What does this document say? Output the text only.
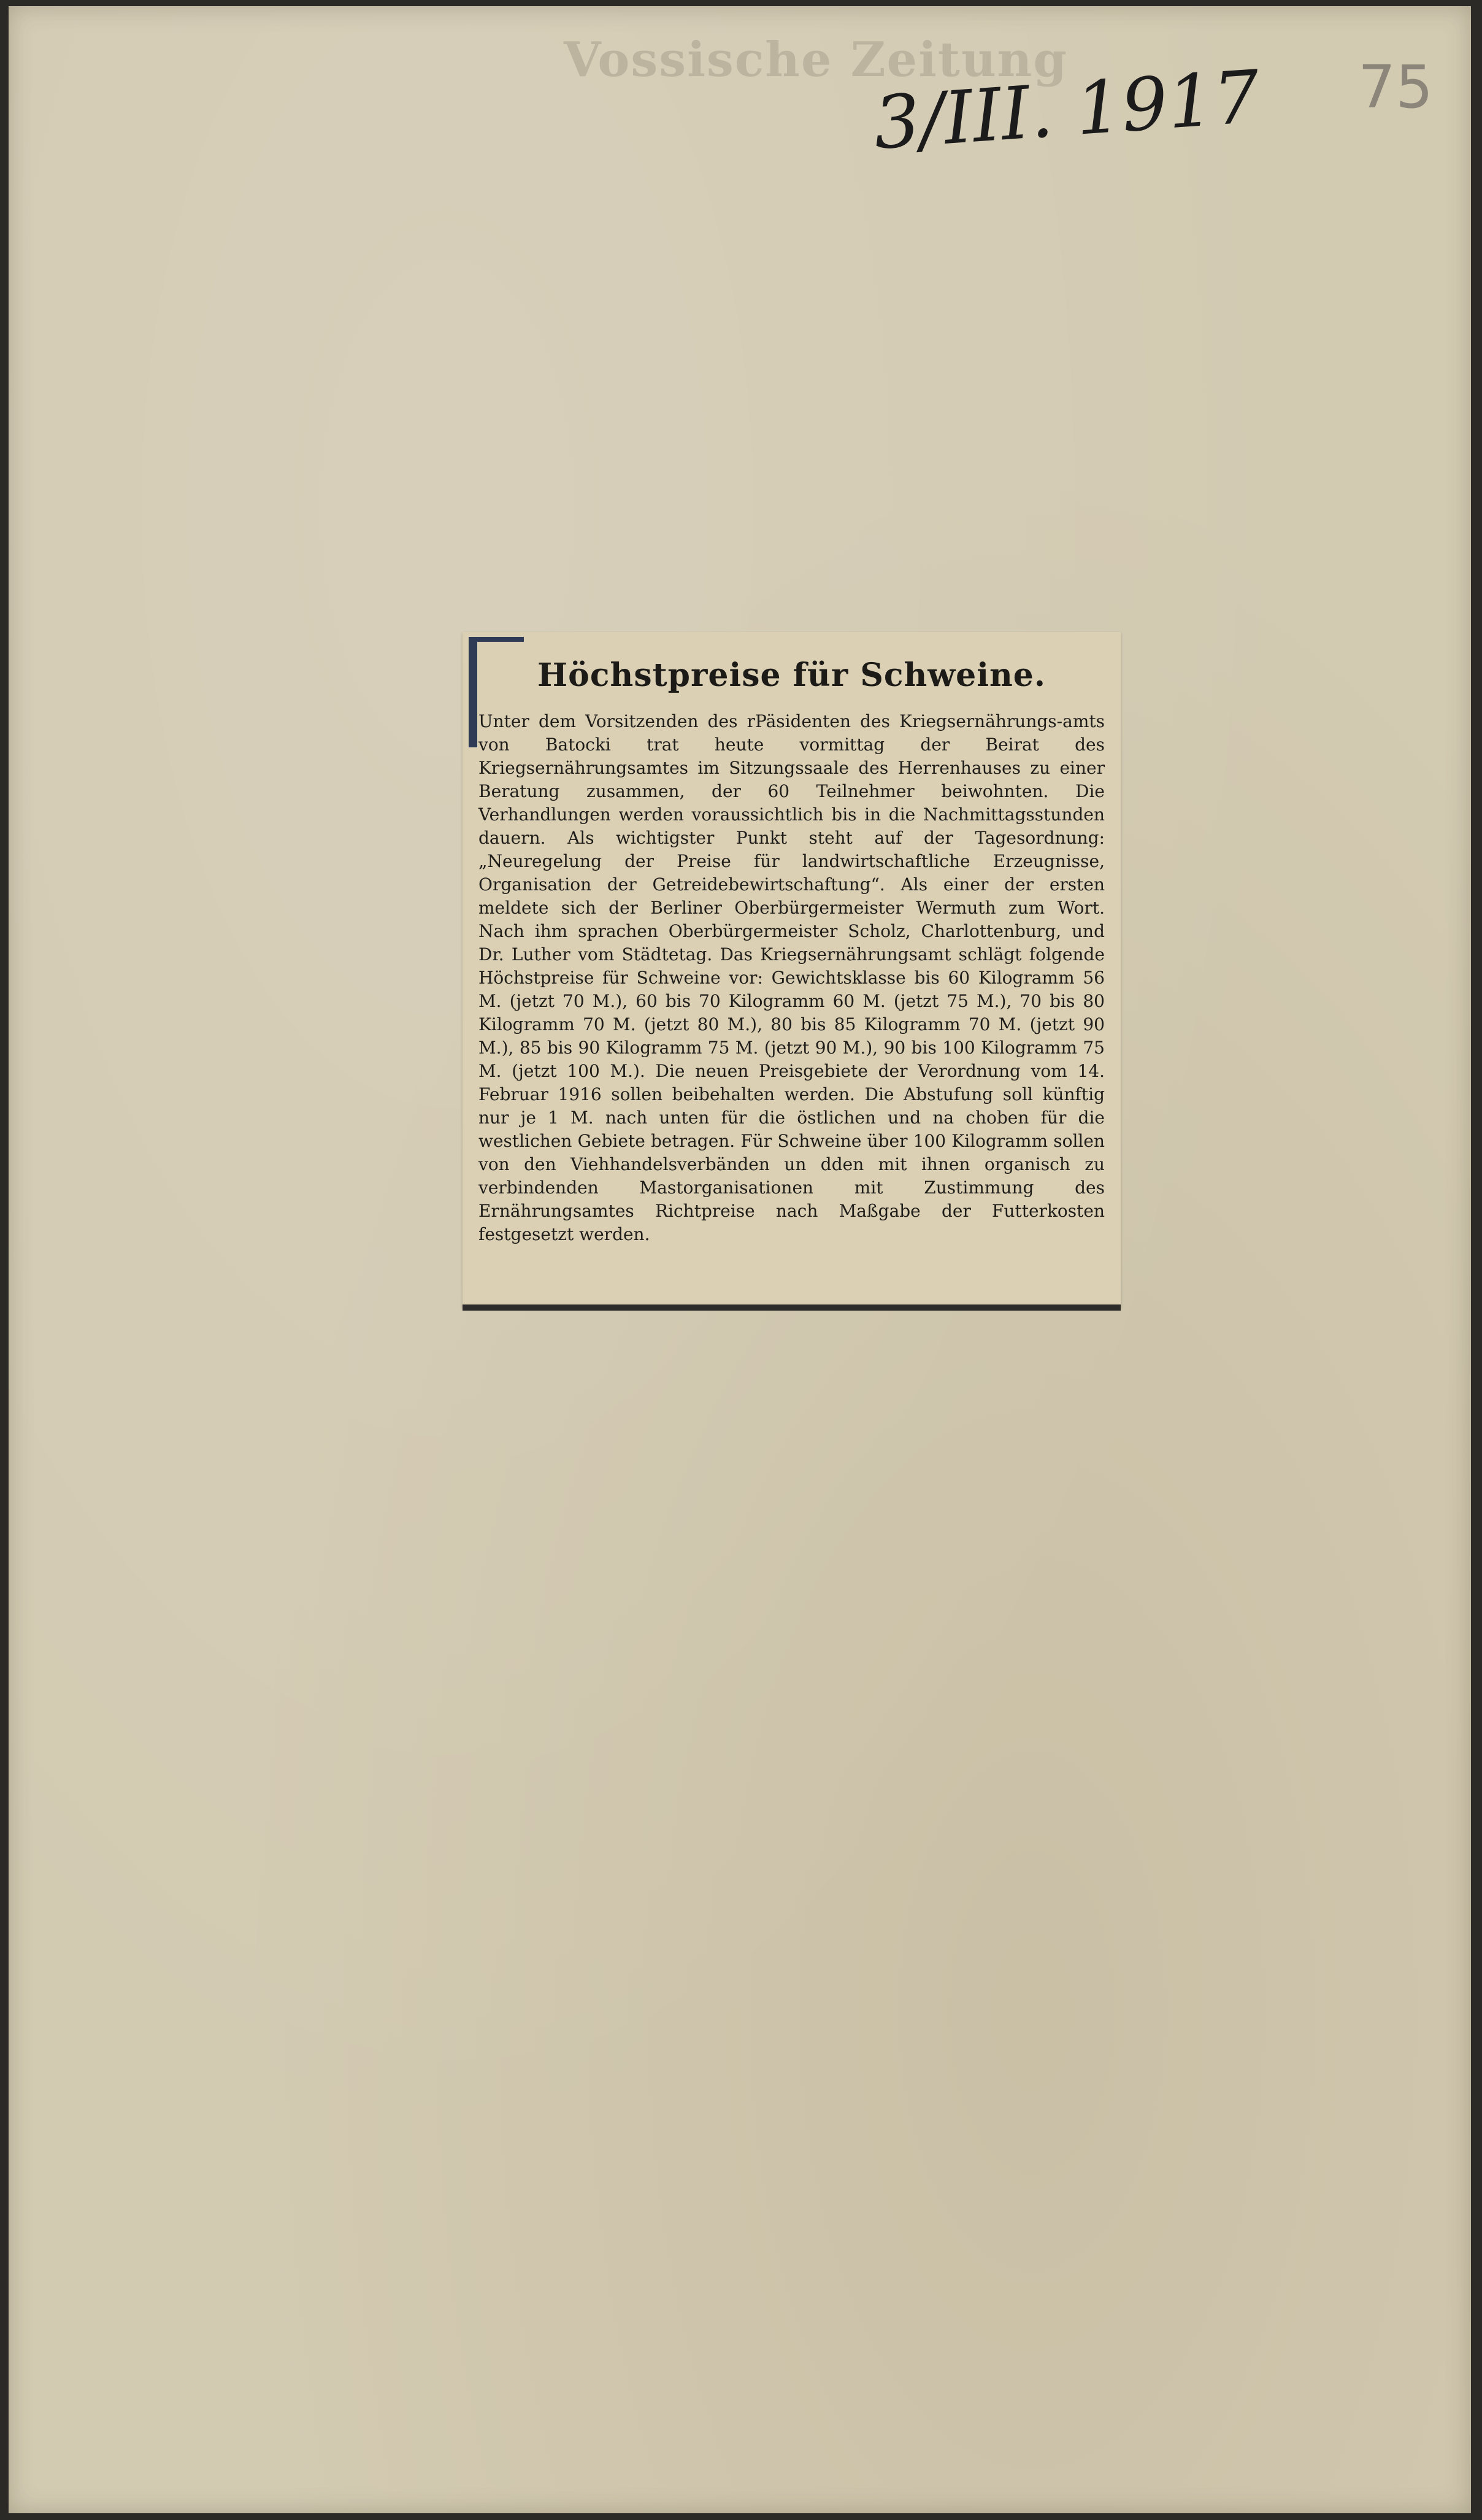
Vossische Zeitung
3/III. 1917 75
Höchstpreise für Schweine.

Unter dem Vorsitzenden des rPäsidenten des Kriegsernährungs-amts von Batocki trat heute vormittag der Beirat des Kriegsernährungsamtes im Sitzungssaale des Herrenhauses zu einer Beratung zusammen, der 60 Teilnehmer beiwohnten. Die Verhandlungen werden voraussichtlich bis in die Nachmittagsstunden dauern. Als wichtigster Punkt steht auf der Tagesordnung: „Neuregelung der Preise für landwirtschaftliche Erzeugnisse, Organisation der Getreidebewirtschaftung“. Als einer der ersten meldete sich der Berliner Oberbürgermeister Wermuth zum Wort. Nach ihm sprachen Oberbürgermeister Scholz, Charlottenburg, und Dr. Luther vom Städtetag. Das Kriegsernährungsamt schlägt folgende Höchstpreise für Schweine vor: Gewichtsklasse bis 60 Kilogramm 56 M. (jetzt 70 M.), 60 bis 70 Kilogramm 60 M. (jetzt 75 M.), 70 bis 80 Kilogramm 70 M. (jetzt 80 M.), 80 bis 85 Kilogramm 70 M. (jetzt 90 M.), 85 bis 90 Kilogramm 75 M. (jetzt 90 M.), 90 bis 100 Kilogramm 75 M. (jetzt 100 M.). Die neuen Preisgebiete der Verordnung vom 14. Februar 1916 sollen beibehalten werden. Die Abstufung soll künftig nur je 1 M. nach unten für die östlichen und na choben für die westlichen Gebiete betragen. Für Schweine über 100 Kilogramm sollen von den Viehhandelsverbänden un dden mit ihnen organisch zu verbindenden Mastorganisationen mit Zustimmung des Ernährungsamtes Richtpreise nach Maßgabe der Futterkosten festgesetzt werden.
